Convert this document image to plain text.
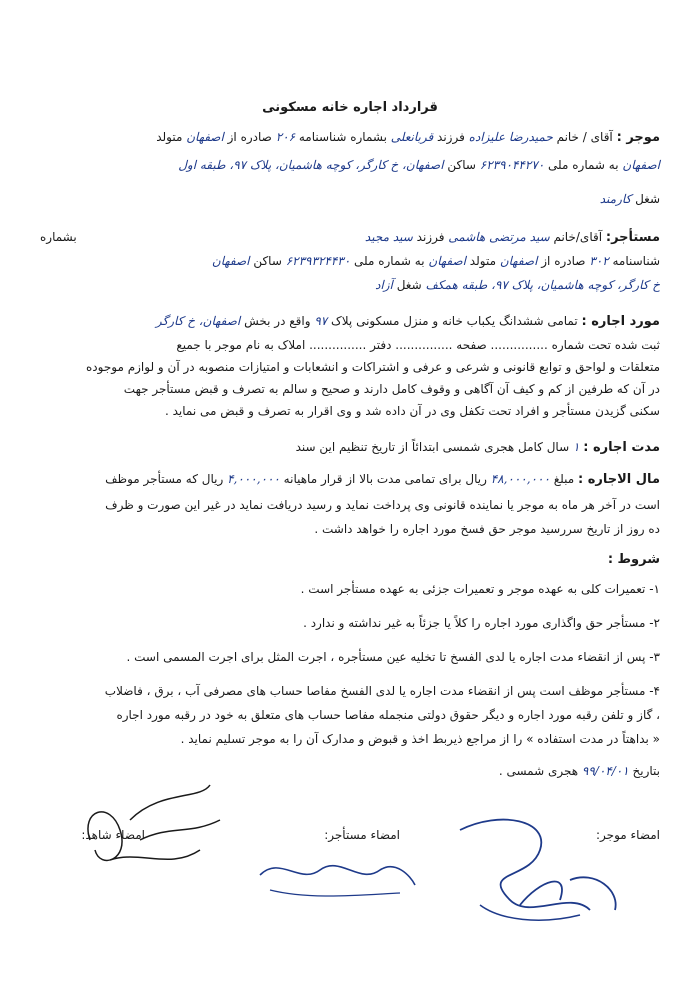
قرارداد اجاره خانه مسکونی
موجر : آقای / خانم حمیدرضا علیزاده فرزند قربانعلی بشماره شناسنامه ۲۰۶ صادره از اصفهان متولد
اصفهان به شماره ملی ۶۲۳۹۰۴۴۲۷۰ ساکن اصفهان، خ کارگر، کوچه هاشمیان، پلاک ۹۷، طبقه اول
شغل کارمند
مستأجر: آقای/خانم سید مرتضی هاشمی فرزند سید مجید
بشماره
شناسنامه ۳۰۲ صادره از اصفهان متولد اصفهان به شماره ملی ۶۲۳۹۳۲۴۴۳۰ ساکن اصفهان
خ کارگر، کوچه هاشمیان، پلاک ۹۷، طبقه همکف شغل آزاد
مورد اجاره : تمامی ششدانگ یکباب خانه و منزل مسکونی پلاک ۹۷ واقع در بخش اصفهان، خ کارگر
ثبت شده تحت شماره ............... صفحه ............... دفتر ............... املاک به نام موجر با جمیع
متعلقات و لواحق و توابع قانونی و شرعی و عرفی و اشتراکات و انشعابات و امتیازات منصوبه در آن و لوازم موجوده
در آن که طرفین از کم و کیف آن آگاهی و وقوف کامل دارند و صحیح و سالم به تصرف و قبض مستأجر جهت
سکنی گزیدن مستأجر و افراد تحت تکفل وی در آن داده شد و وی اقرار به تصرف و قبض می نماید .
مدت اجاره : ۱ سال کامل هجری شمسی ابتدائاً از تاریخ تنظیم این سند
مال الاجاره : مبلغ ۴۸,۰۰۰,۰۰۰ ریال برای تمامی مدت بالا از قرار ماهیانه ۴,۰۰۰,۰۰۰ ریال که مستأجر موظف
است در آخر هر ماه به موجر یا نماینده قانونی وی پرداخت نماید و رسید دریافت نماید در غیر این صورت و ظرف
ده روز از تاریخ سررسید موجر حق فسخ مورد اجاره را خواهد داشت .
شروط :
۱- تعمیرات کلی به عهده موجر و تعمیرات جزئی به عهده مستأجر است .
۲- مستأجر حق واگذاری مورد اجاره را کلاً یا جزئاً به غیر نداشته و ندارد .
۳- پس از انقضاء مدت اجاره یا لدی الفسخ تا تخلیه عین مستأجره ، اجرت المثل برای اجرت المسمی است .
۴- مستأجر موظف است پس از انقضاء مدت اجاره یا لدی الفسخ مفاصا حساب های مصرفی آب ، برق ، فاضلاب
، گاز و تلفن رقبه مورد اجاره و دیگر حقوق دولتی منجمله مفاصا حساب های متعلق به خود در رقبه مورد اجاره
« بداهتاً در مدت استفاده » را از مراجع ذیربط اخذ و قبوض و مدارک آن را به موجر تسلیم نماید .
بتاریخ ۹۹/۰۴/۰۱ هجری شمسی .
امضاء موجر:
امضاء مستأجر:
امضاء شاهد:
